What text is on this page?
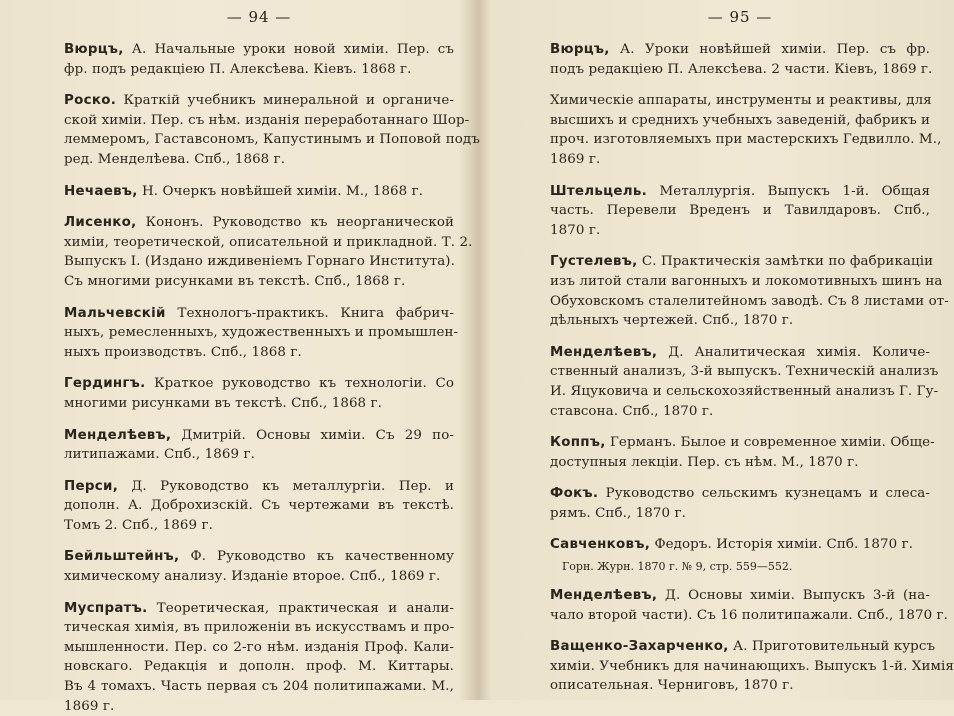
— 94 —
Вюрцъ, А. Начальные уроки новой химіи. Пер. съ
фр. подъ редакціею П. Алексѣева. Кіевъ. 1868 г.
Роско. Краткій учебникъ минеральной и органиче-
ской химіи. Пер. съ нѣм. изданія переработаннаго Шор-
леммеромъ, Гаставсономъ, Капустинымъ и Поповой подъ
ред. Менделѣева. Спб., 1868 г.
Нечаевъ, Н. Очеркъ новѣйшей химіи. М., 1868 г.
Лисенко, Кононъ. Руководство къ неорганической
химіи, теоретической, описательной и прикладной. Т. 2.
Выпускъ I. (Издано иждивеніемъ Горнаго Института).
Съ многими рисунками въ текстѣ. Спб., 1868 г.
Мальчевскій Технологъ-практикъ. Книга фабрич-
ныхъ, ремесленныхъ, художественныхъ и промышлен-
ныхъ производствъ. Спб., 1868 г.
Гердингъ. Краткое руководство къ технологіи. Со
многими рисунками въ текстѣ. Спб., 1868 г.
Менделѣевъ, Дмитрій. Основы химіи. Съ 29 по-
литипажами. Спб., 1869 г.
Перси, Д. Руководство къ металлургіи. Пер. и
дополн. А. Доброхизскій. Съ чертежами въ текстѣ.
Томъ 2. Спб., 1869 г.
Бейльштейнъ, Ф. Руководство къ качественному
химическому анализу. Изданіе второе. Спб., 1869 г.
Муспратъ. Теоретическая, практическая и анали-
тическая химія, въ приложеніи въ искусствамъ и про-
мышленности. Пер. со 2-го нѣм. изданія Проф. Кали-
новскаго. Редакція и дополн. проф. М. Киттары.
Въ 4 томахъ. Часть первая съ 204 политипажами. М.,
1869 г.
— 95 —
Вюрцъ, А. Уроки новѣйшей химіи. Пер. съ фр.
подъ редакціею П. Алексѣева. 2 части. Кіевъ, 1869 г.
Химическіе аппараты, инструменты и реактивы, для
высшихъ и среднихъ учебныхъ заведеній, фабрикъ и
проч. изготовляемыхъ при мастерскихъ Гедвилло. М.,
1869 г.
Штельцель. Металлургія. Выпускъ 1-й. Общая
часть. Перевели Вреденъ и Тавилдаровъ. Спб.,
1870 г.
Густелевъ, С. Практическія замѣтки по фабрикаціи
изъ литой стали вагонныхъ и локомотивныхъ шинъ на
Обуховскомъ сталелитейномъ заводѣ. Съ 8 листами от-
дѣльныхъ чертежей. Спб., 1870 г.
Менделѣевъ, Д. Аналитическая химія. Количе-
ственный анализъ, 3-й выпускъ. Техническій анализъ
И. Яцуковича и сельскохозяйственный анализъ Г. Гу-
ставсона. Спб., 1870 г.
Коппъ, Германъ. Былое и современное химіи. Обще-
доступныя лекціи. Пер. съ нѣм. М., 1870 г.
Фокъ. Руководство сельскимъ кузнецамъ и слеса-
рямъ. Спб., 1870 г.
Савченковъ, Федоръ. Исторія химіи. Спб. 1870 г.
Горн. Журн. 1870 г. № 9, стр. 559—552.
Менделѣевъ, Д. Основы химіи. Выпускъ 3-й (на-
чало второй части). Съ 16 политипажали. Спб., 1870 г.
Ващенко-Захарченко, А. Приготовительный курсъ
химіи. Учебникъ для начинающихъ. Выпускъ 1-й. Химія
описательная. Черниговъ, 1870 г.
